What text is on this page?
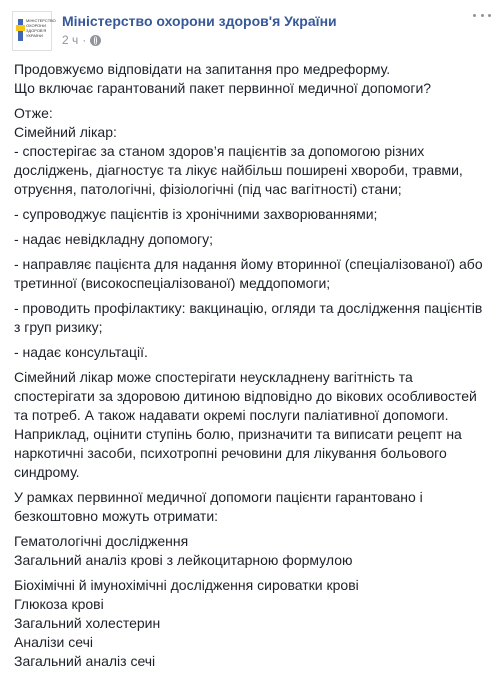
МІНІСТЕРСТВО ОХОРОНИ ЗДОРОВ'Я УКРАЇНИ
Міністерство охорони здоров'я України
2 ч ·

Продовжуємо відповідати на запитання про медреформу.
Що включає гарантований пакет первинної медичної допомоги?

Отже:
Сімейний лікар:
- спостерігає за станом здоров’я пацієнтів за допомогою різних досліджень, діагностує та лікує найбільш поширені хвороби, травми, отруєння, патологічні, фізіологічні (під час вагітності) стани;

- супроводжує пацієнтів із хронічними захворюваннями;

- надає невідкладну допомогу;

- направляє пацієнта для надання йому вторинної (спеціалізованої) або третинної (високоспеціалізованої) меддопомоги;

- проводить профілактику: вакцинацію, огляди та дослідження пацієнтів з груп ризику;

- надає консультації.

Сімейний лікар може спостерігати неускладнену вагітність та спостерігати за здоровою дитиною відповідно до вікових особливостей та потреб. А також надавати окремі послуги паліативної допомоги. Наприклад, оцінити ступінь болю, призначити та виписати рецепт на наркотичні засоби, психотропні речовини для лікування больового синдрому.

У рамках первинної медичної допомоги пацієнти гарантовано і безкоштовно можуть отримати:

Гематологічні дослідження
Загальний аналіз крові з лейкоцитарною формулою

Біохімічні й імунохімічні дослідження сироватки крові
Глюкоза крові
Загальний холестерин
Аналізи сечі
Загальний аналіз сечі
